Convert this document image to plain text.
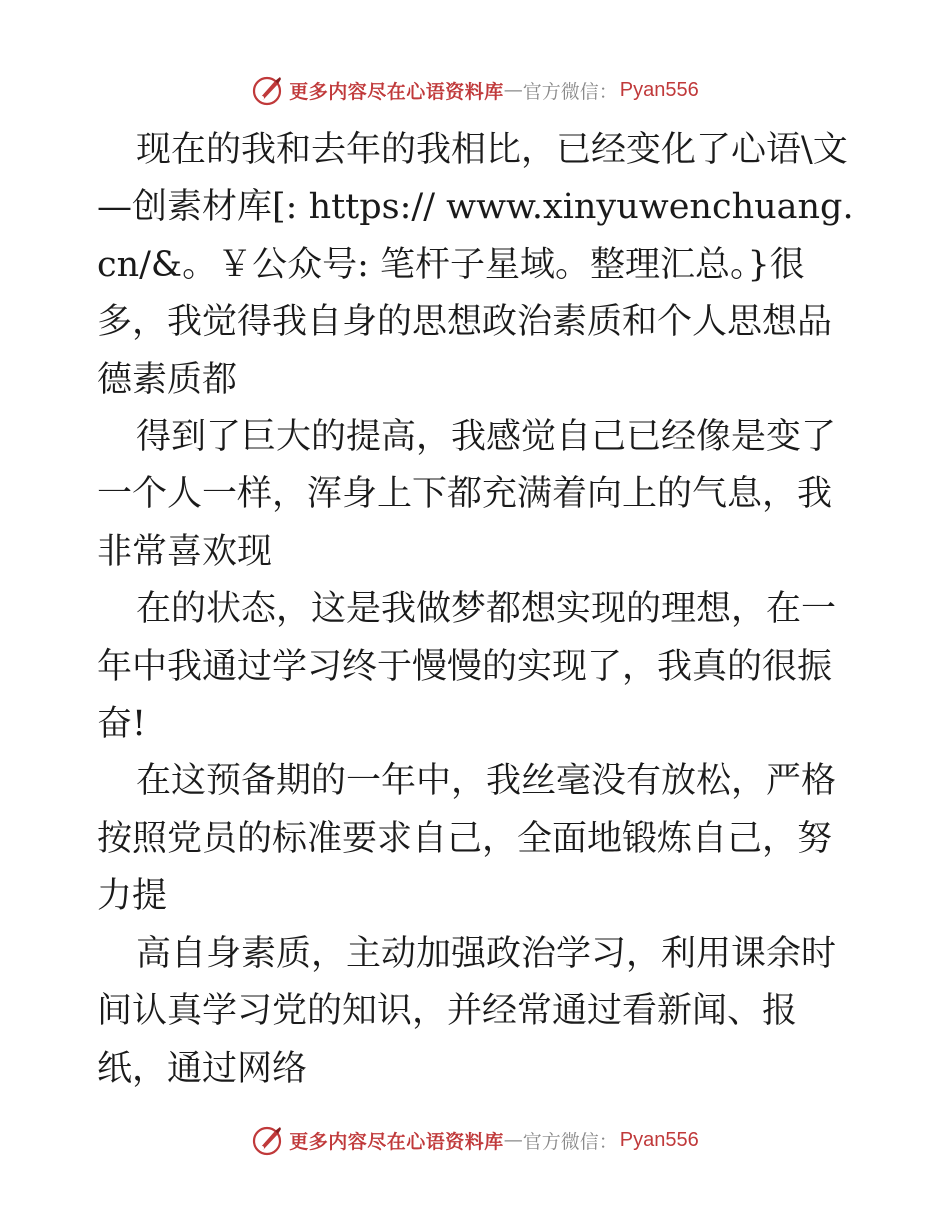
更多内容尽在心语资料库 — 官方微信： Pyan556

现在的我和去年的我相比，已经变化了心语\文—创素材库[: https:// www.xinyuwenchuang.cn/&。￥公众号: 笔杆子星域。整理汇总。}很多，我觉得我自身的思想政治素质和个人思想品德素质都

得到了巨大的提高，我感觉自己已经像是变了一个人一样，浑身上下都充满着向上的气息，我非常喜欢现

在的状态，这是我做梦都想实现的理想，在一年中我通过学习终于慢慢的实现了，我真的很振奋!

在这预备期的一年中，我丝毫没有放松，严格按照党员的标准要求自己，全面地锻炼自己，努力提

高自身素质，主动加强政治学习，利用课余时间认真学习党的知识，并经常通过看新闻、报纸，通过网络

更多内容尽在心语资料库 — 官方微信： Pyan556
